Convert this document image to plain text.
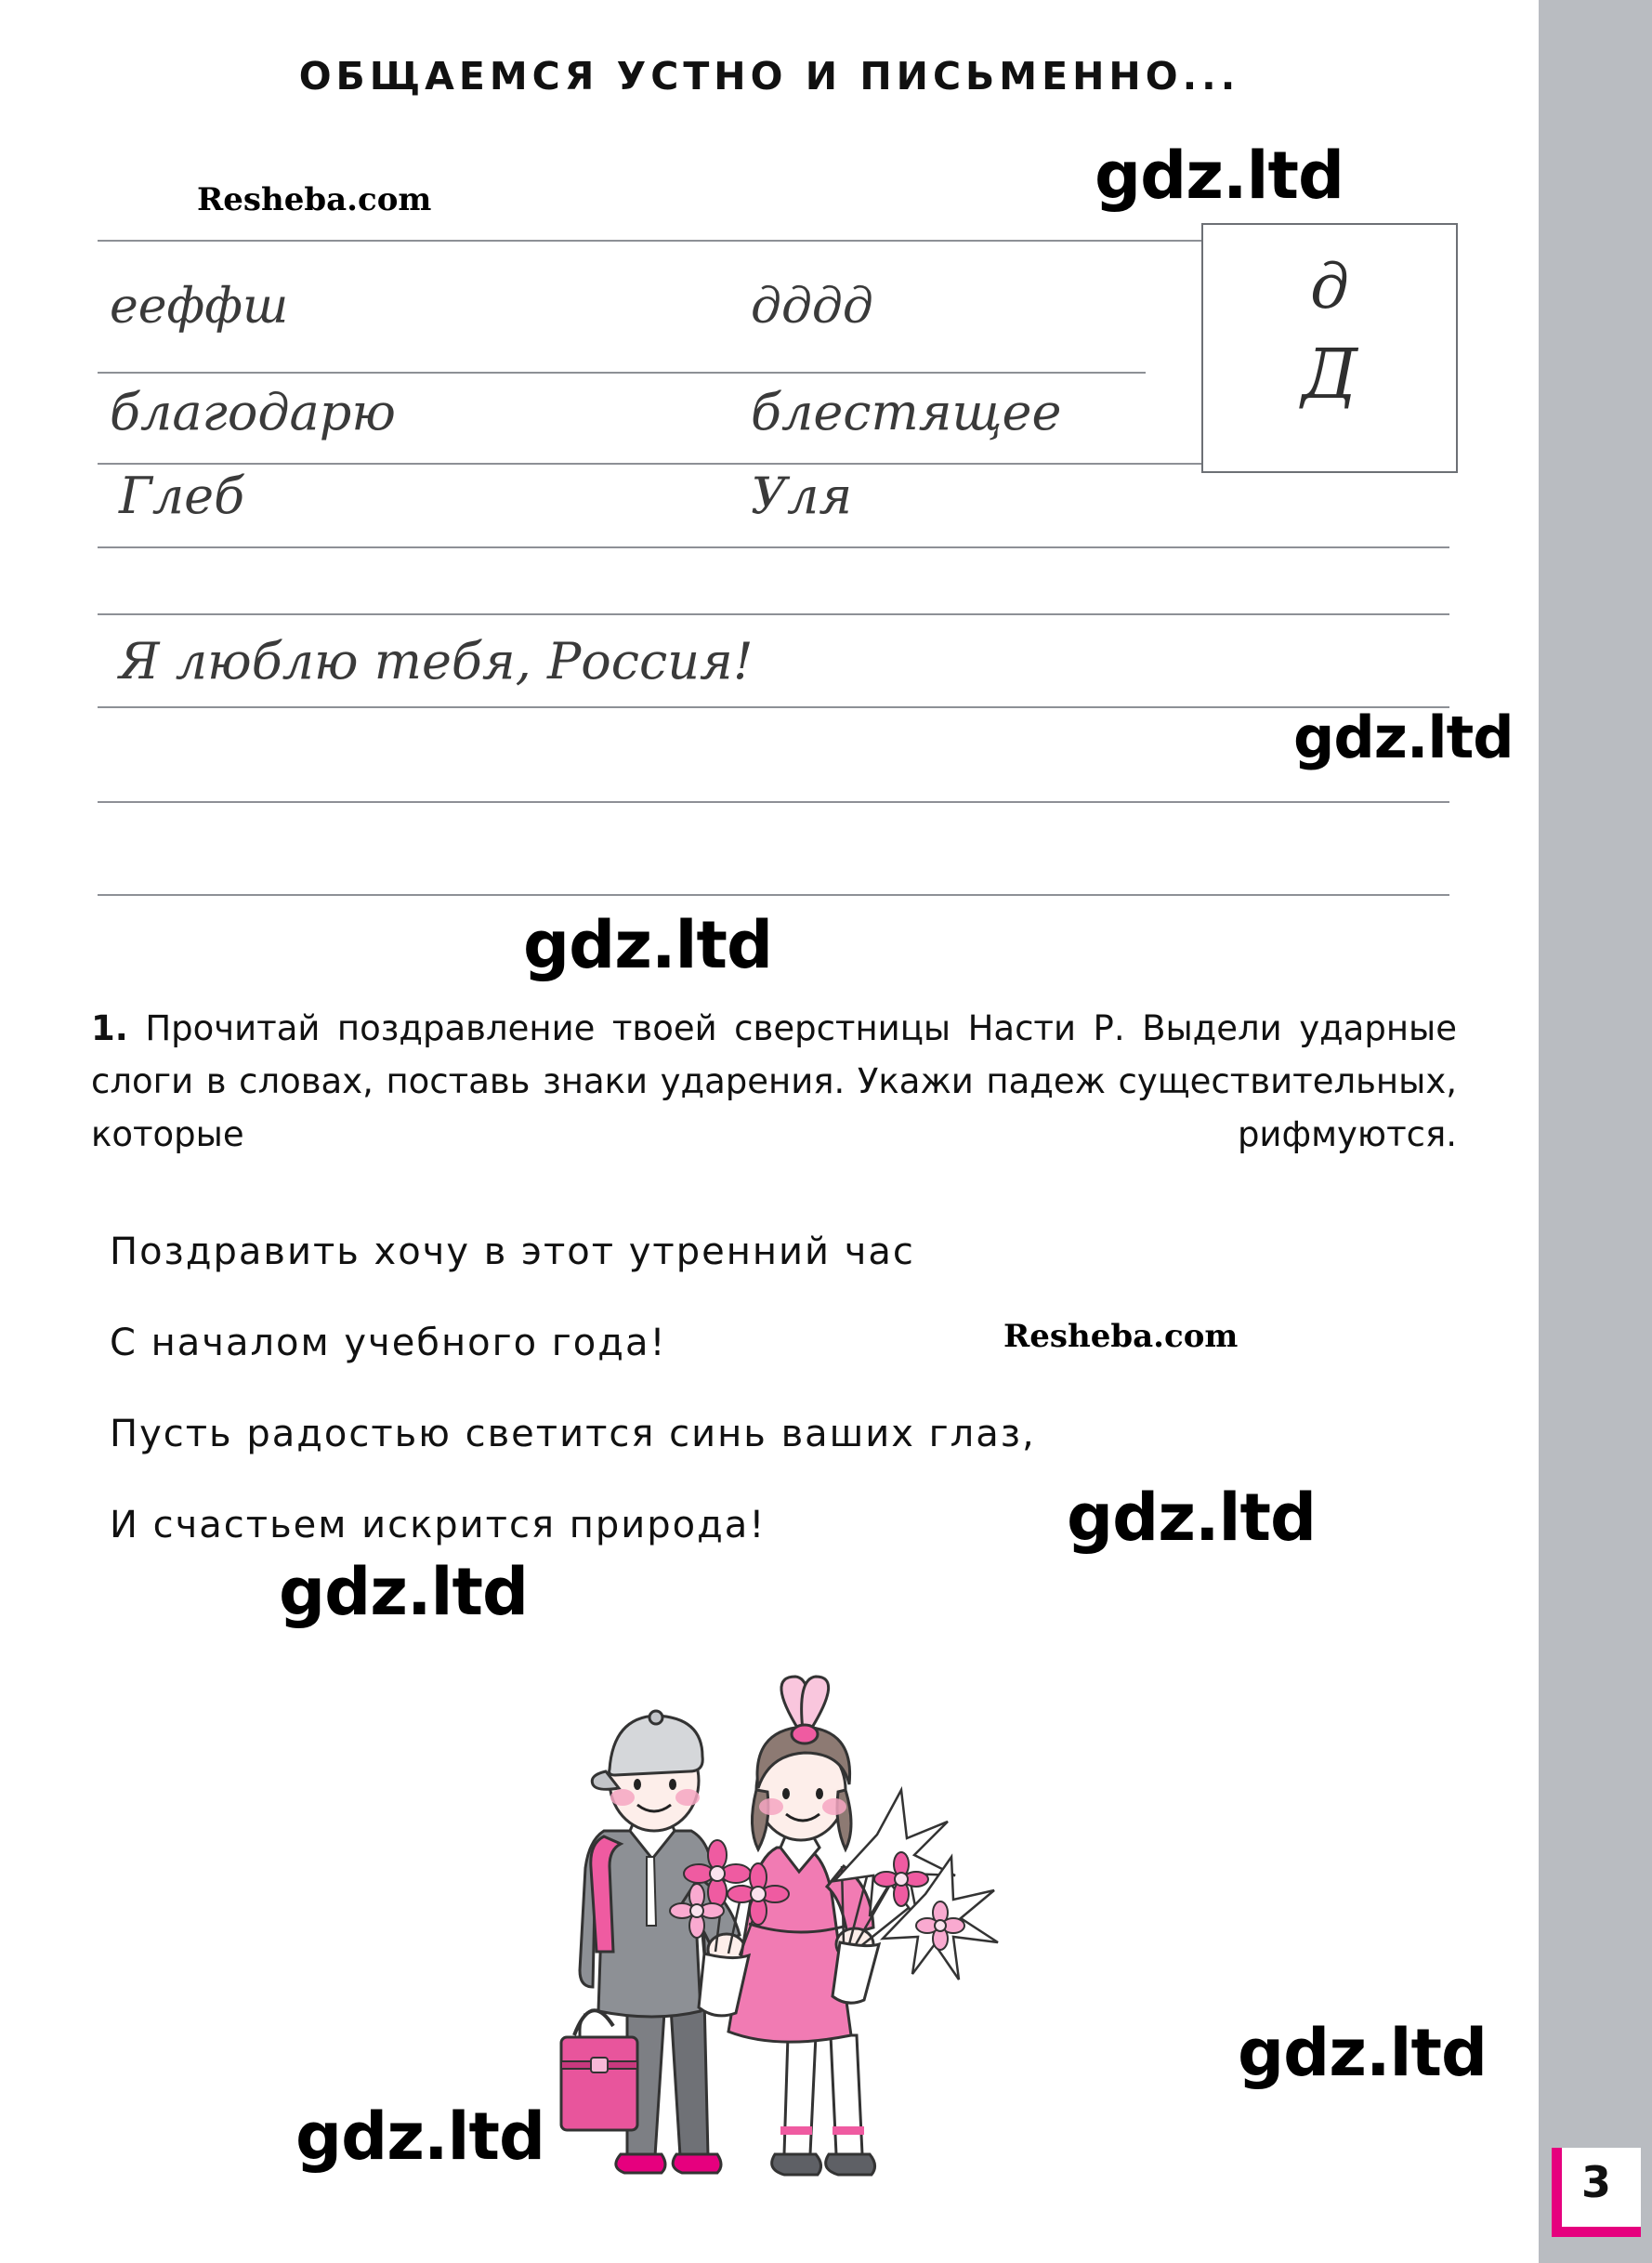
ОБЩАЕМСЯ УСТНО И ПИСЬМЕННО...
Resheba.com	gdz.ltd
ееффш	дддд
благодарю	блестящее
Глеб	Уля
д
Д
Я люблю тебя, Россия!
gdz.ltd
gdz.ltd
1. Прочитай поздравление твоей сверстницы Насти Р. Выдели ударные слоги в словах, поставь знаки ударения. Укажи падеж существительных, которые рифмуются.
Поздравить хочу в этот утренний час
С началом учебного года!
Пусть радостью светится синь ваших глаз,
И счастьем искрится природа!
Resheba.com
gdz.ltd
gdz.ltd
gdz.ltd
gdz.ltd
3
